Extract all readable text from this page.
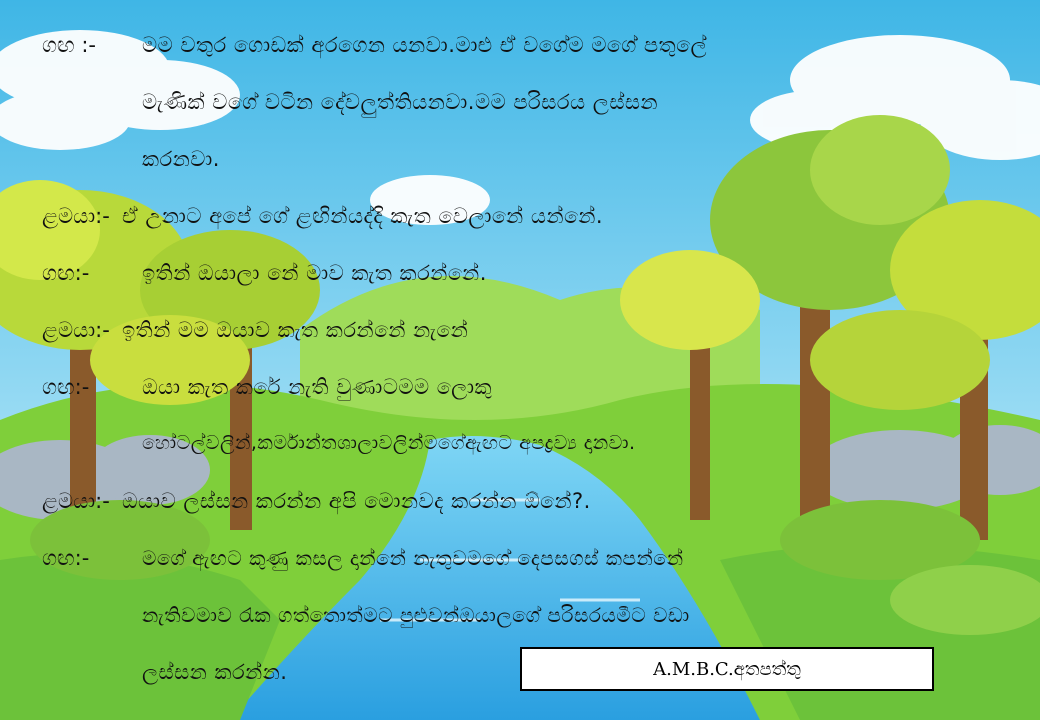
ගඟ :- මම වතුර ගොඩක් අරගෙන යනවා.මාළු ඒ වගේම මගේ පතුලේ
මැණික් වගේ වටින දේවලුත්තියනවා.මම පරිසරය ලස්සන
කරනවා.
ළමයා:- ඒ උනාට අපේ ගේ ළඟින්යද්දි කැත වෙලානේ යන්නේ.
ගඟ:-	ඉතින් ඔයාලා නේ මාව කැත කරන්නේ.
ළමයා:- ඉතින් මම ඔයාව කැත කරන්නේ නැනේ
ගඟ:-	ඔයා කැත කරේ නැති වුණාටමම ලොකු
හෝටල්වලින්,කර්මාන්තශාලාවලින්මගේඇඟට අපද්‍රව්‍ය දානවා.
ළමයා:- ඔයාව ලස්සන කරන්න අපි මොනවද කරන්න ඕනේ?.
ගඟ:-	මගේ ඇඟට කුණු කසල දාන්නේ නැතුවමගේ දෙපසගස් කපන්නේ
නැතිවමාව රැක ගත්තොත්මට පුළුවන්ඔයාලගේ පරිසරයමීට වඩා
ලස්සන කරන්න.	A.M.B.C.අතපත්තු
